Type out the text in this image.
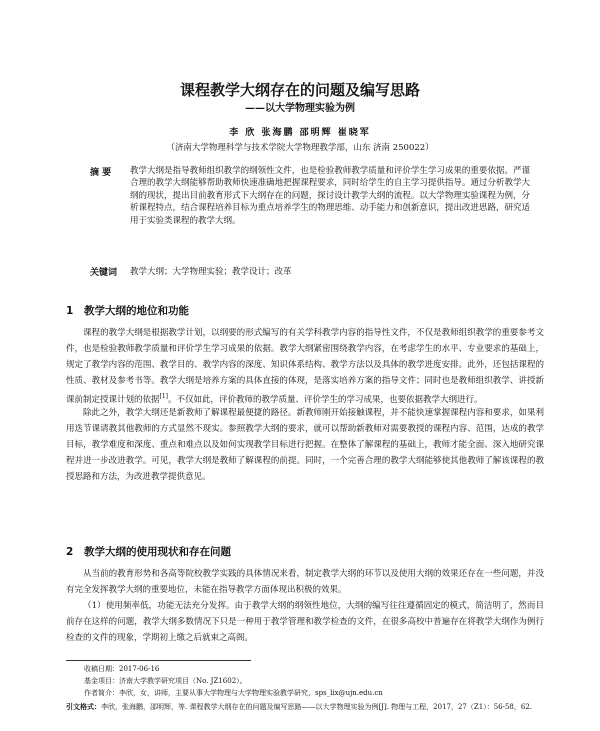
课程教学大纲存在的问题及编写思路
——以大学物理实验为例
李 欣 张海鹏 邵明辉 崔晓军
（济南大学物理科学与技术学院大学物理教学部，山东 济南 250022）
摘 要 教学大纲是指导教师组织教学的纲领性文件，也是检验教师教学质量和评价学生学习成果的重要依据。严谨合理的教学大纲能够帮助教师快速准确地把握课程要求，同时给学生的自主学习提供指导。通过分析教学大纲的现状，提出目前教育形式下大纲存在的问题，探讨设计教学大纲的流程。以大学物理实验课程为例，分析课程特点，结合课程培养目标为重点培养学生的物理思维、动手能力和创新意识，提出改进思路，研究适用于实验类课程的教学大纲。
关键词 教学大纲；大学物理实验；教学设计；改革
1 教学大纲的地位和功能
课程的教学大纲是根据教学计划，以纲要的形式编写的有关学科教学内容的指导性文件，不仅是教师组织教学的重要参考文件，也是检验教师教学质量和评价学生学习成果的依据。教学大纲紧密围绕教学内容，在考虑学生的水平、专业要求的基础上，规定了教学内容的范围、教学目的、教学内容的深度、知识体系结构、教学方法以及具体的教学进度安排。此外，还包括课程的性质、教材及参考书等。教学大纲是培养方案的具体直接的体现，是落实培养方案的指导文件；同时也是教师组织教学、讲授新课前制定授课计划的依据[1]。不仅如此，评价教师的教学质量、评价学生的学习成果，也要依据教学大纲进行。
除此之外，教学大纲还是新教师了解课程最便捷的路径。新教师刚开始接触课程，并不能快速掌握课程内容和要求，如果利用迭节课请教其他教师的方式显然不现实。参照教学大纲的要求，就可以帮助新教师对需要教授的课程内容、范围，达成的教学目标，教学难度和深度、重点和难点以及如何实现教学目标进行把握。在整体了解课程的基础上，教师才能全面、深入地研究课程并进一步改进教学。可见，教学大纲是教师了解课程的前提。同时，一个完善合理的教学大纲能够使其他教师了解该课程的教授思路和方法，为改进教学提供意见。
2 教学大纲的使用现状和存在问题
从当前的教育形势和各高等院校教学实践的具体情况来看，制定教学大纲的环节以及使用大纲的效果还存在一些问题，并没有完全发挥教学大纲的重要地位，未能在指导教学方面体现出积极的效果。
（1）使用频率低，功能无法充分发挥。由于教学大纲的纲领性地位，大纲的编写往往遵循固定的模式，简洁明了，然而目前存在这样的问题，教学大纲多数情况下只是一种用于教学管理和教学检查的文件，在很多高校中普遍存在将教学大纲作为例行检查的文件的现象，学期初上缴之后就束之高阁。
收稿日期：2017-06-16
基金项目：济南大学教学研究项目（No. JZ1602）。
作者简介：李欣，女，讲师，主要从事大学物理与大学物理实验教学研究，sps_lix@ujn.edu.cn
引文格式：李欣，张海鹏，邵明辉，等. 课程教学大纲存在的问题及编写思路——以大学物理实验为例[J]. 物理与工程，2017，27（Z1）：56-58，62.
